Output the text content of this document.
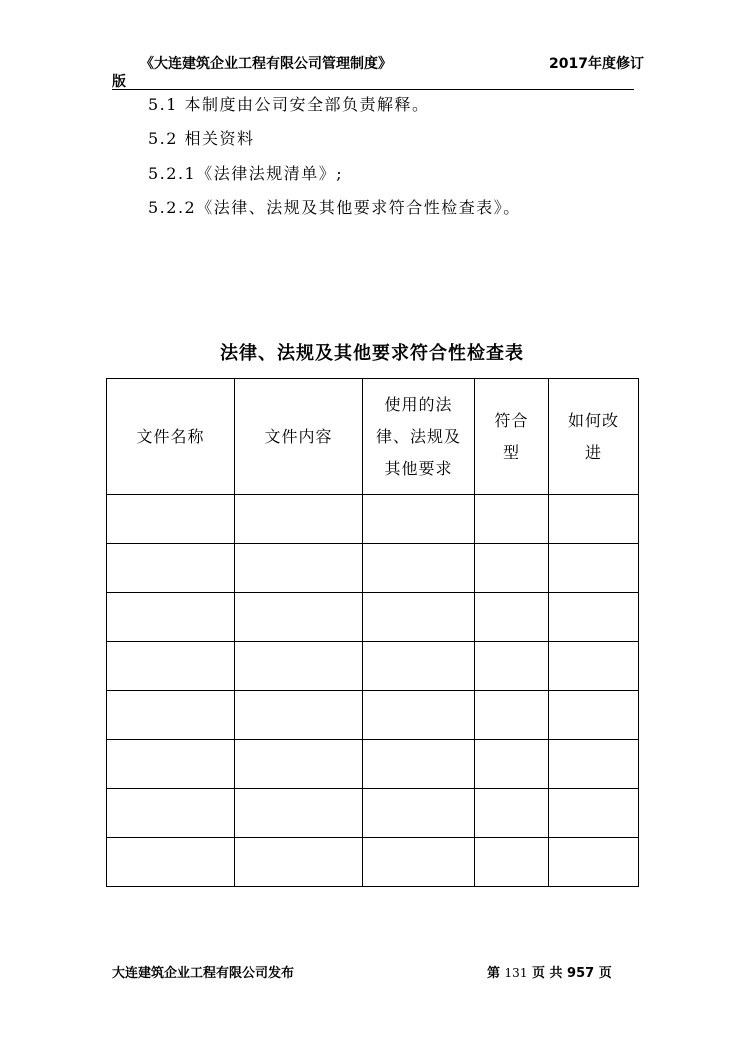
《大连建筑企业工程有限公司管理制度》	2017年度修订
版
5.1 本制度由公司安全部负责解释。
5.2 相关资料
5.2.1《法律法规清单》;
5.2.2《法律、法规及其他要求符合性检查表》。
法律、法规及其他要求符合性检查表
文件名称	文件内容	使用的法律、法规及其他要求	符合型	如何改进

大连建筑企业工程有限公司发布	第 131 页 共 957 页
